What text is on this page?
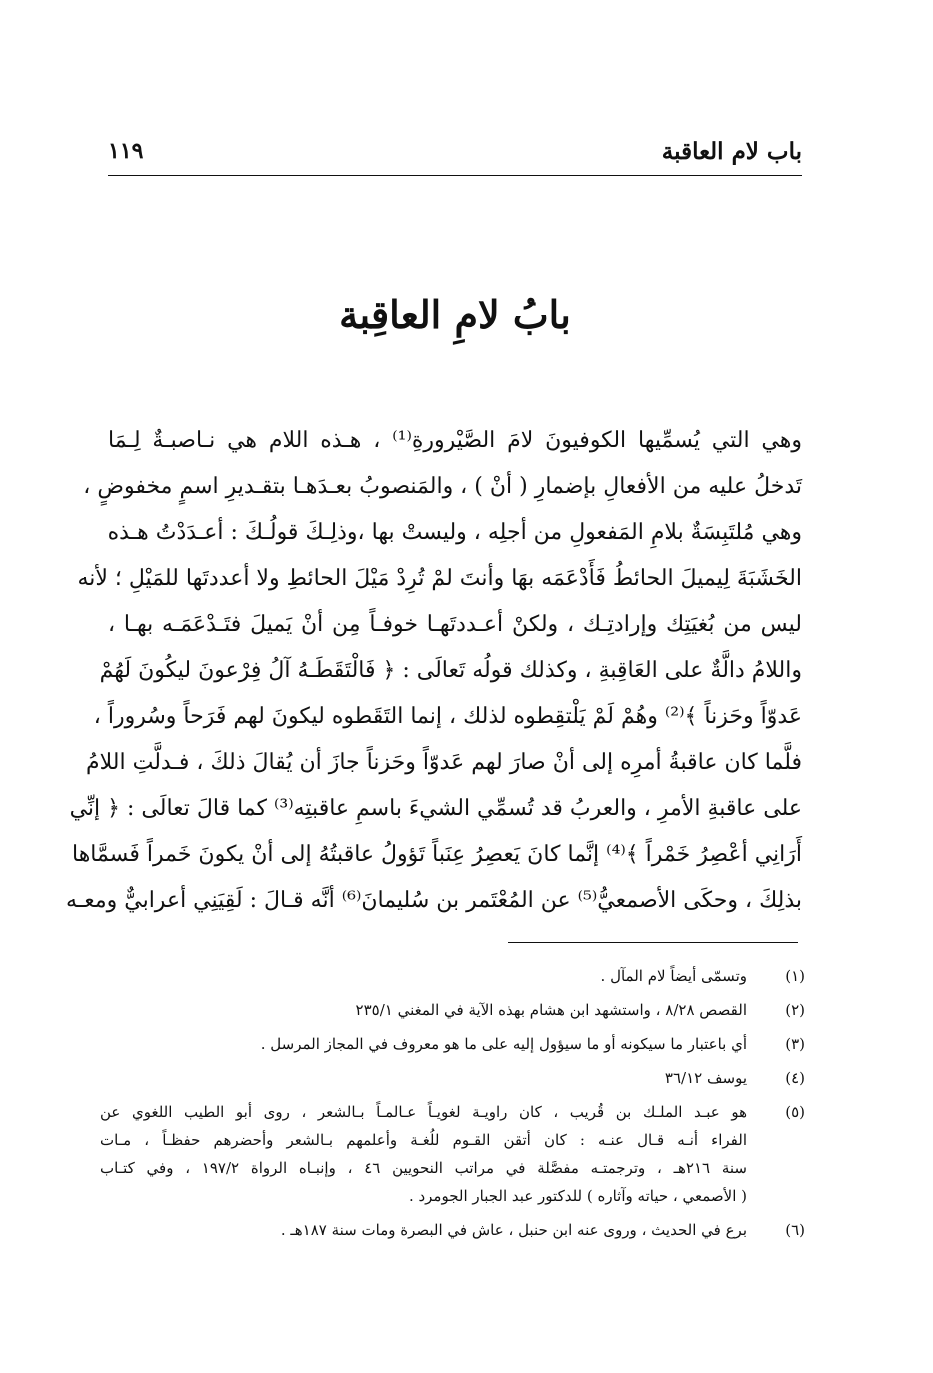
باب لام العاقبة
١١٩
بابُ لامِ العاقِبة
وهي التي يُسمِّيها الكوفيونَ لامَ الصَّيْرورةِ⁽¹⁾ ، هـذه اللام هي نـاصبـةٌ لِـمَا
تَدخلُ عليه من الأفعالِ بإضمارِ ( أنْ ) ، والمَنصوبُ بعـدَهـا بتقـديرِ اسمٍ مخفوضٍ ،
وهي مُلتَبِسَةٌ بلامِ المَفعولِ من أجلِه ، وليستْ بها ،وذلِـكَ قولُـكَ : أعـدَدْتُ هـذه
الخَشَبَةَ لِيميلَ الحائطُ فَأَدْعَمَه بهَا وأنتَ لمْ تُرِدْ مَيْلَ الحائطِ ولا أعددتَها للمَيْلِ ؛ لأنه
ليس من بُغيَتِك وإرادتِـك ، ولكنْ أعـددتَهـا خوفـاً مِن أنْ يَميلَ فتَـدْعَمَـه بهـا ،
واللامُ دالَّةٌ على العَاقِبةِ ، وكذلك قولُه تَعالَى : ﴿ فَالْتَقَطَـهُ آلُ فِرْعونَ ليكُونَ لَهُمْ
عَدوّاً وحَزناً ﴾⁽²⁾ وهُمْ لَمْ يَلْتقِطوه لذلك ، إنما التَقَطوه ليكونَ لهم فَرَحاً وسُروراً ،
فلَّما كان عاقبةُ أمرِه إلى أنْ صارَ لهم عَدوّاً وحَزناً جازَ أن يُقالَ ذلكَ ، فـدلَّتِ اللامُ
على عاقبةِ الأمرِ ، والعربُ قد تُسمِّي الشيءَ باسمِ عاقبتِه⁽³⁾ كما قالَ تعالَى : ﴿ إنِّي
أَرَانِي أعْصِرُ خَمْراً ﴾⁽⁴⁾ إنَّما كانَ يَعصِرُ عِنَباً تَؤولُ عاقبتُهُ إلى أنْ يكونَ خَمراً فَسمَّاها
بذلِكَ ، وحكَى الأصمعيُّ⁽⁵⁾ عن المُعْتَمر بن سُليمانَ⁽⁶⁾ أنَّه قـالَ : لَقِيَنِي أعرابيٌّ ومعـه
(١)
وتسمّى أيضاً لام المآل .
(٢)
القصص ٨/٢٨ ، واستشهد ابن هشام بهذه الآية في المغني ٢٣٥/١
(٣)
أي باعتبار ما سيكونه أو ما سيؤول إليه على ما هو معروف في المجاز المرسل .
(٤)
يوسف ٣٦/١٢
(٥)
هو عبـد الملـك بن قُريب ، كان راويـة لغويـاً عـالمـاً بـالشعر ، روى أبو الطيب اللغوي عن
الفراء أنـه قـال عنـه : كان أتقن القـوم للُغـة وأعلمهم بـالشعر وأحضرهم حفظـاً ، مـات
سنة ٢١٦هـ ، وترجمتـه مفصَّلة في مراتب النحويين ٤٦ ، وإنبـاه الرواة ١٩٧/٢ ، وفي كتـاب
( الأصمعي ، حياته وآثاره ) للدكتور عبد الجبار الجومرد .
(٦)
برع في الحديث ، وروى عنه ابن حنبل ، عاش في البصرة ومات سنة ١٨٧هـ .
